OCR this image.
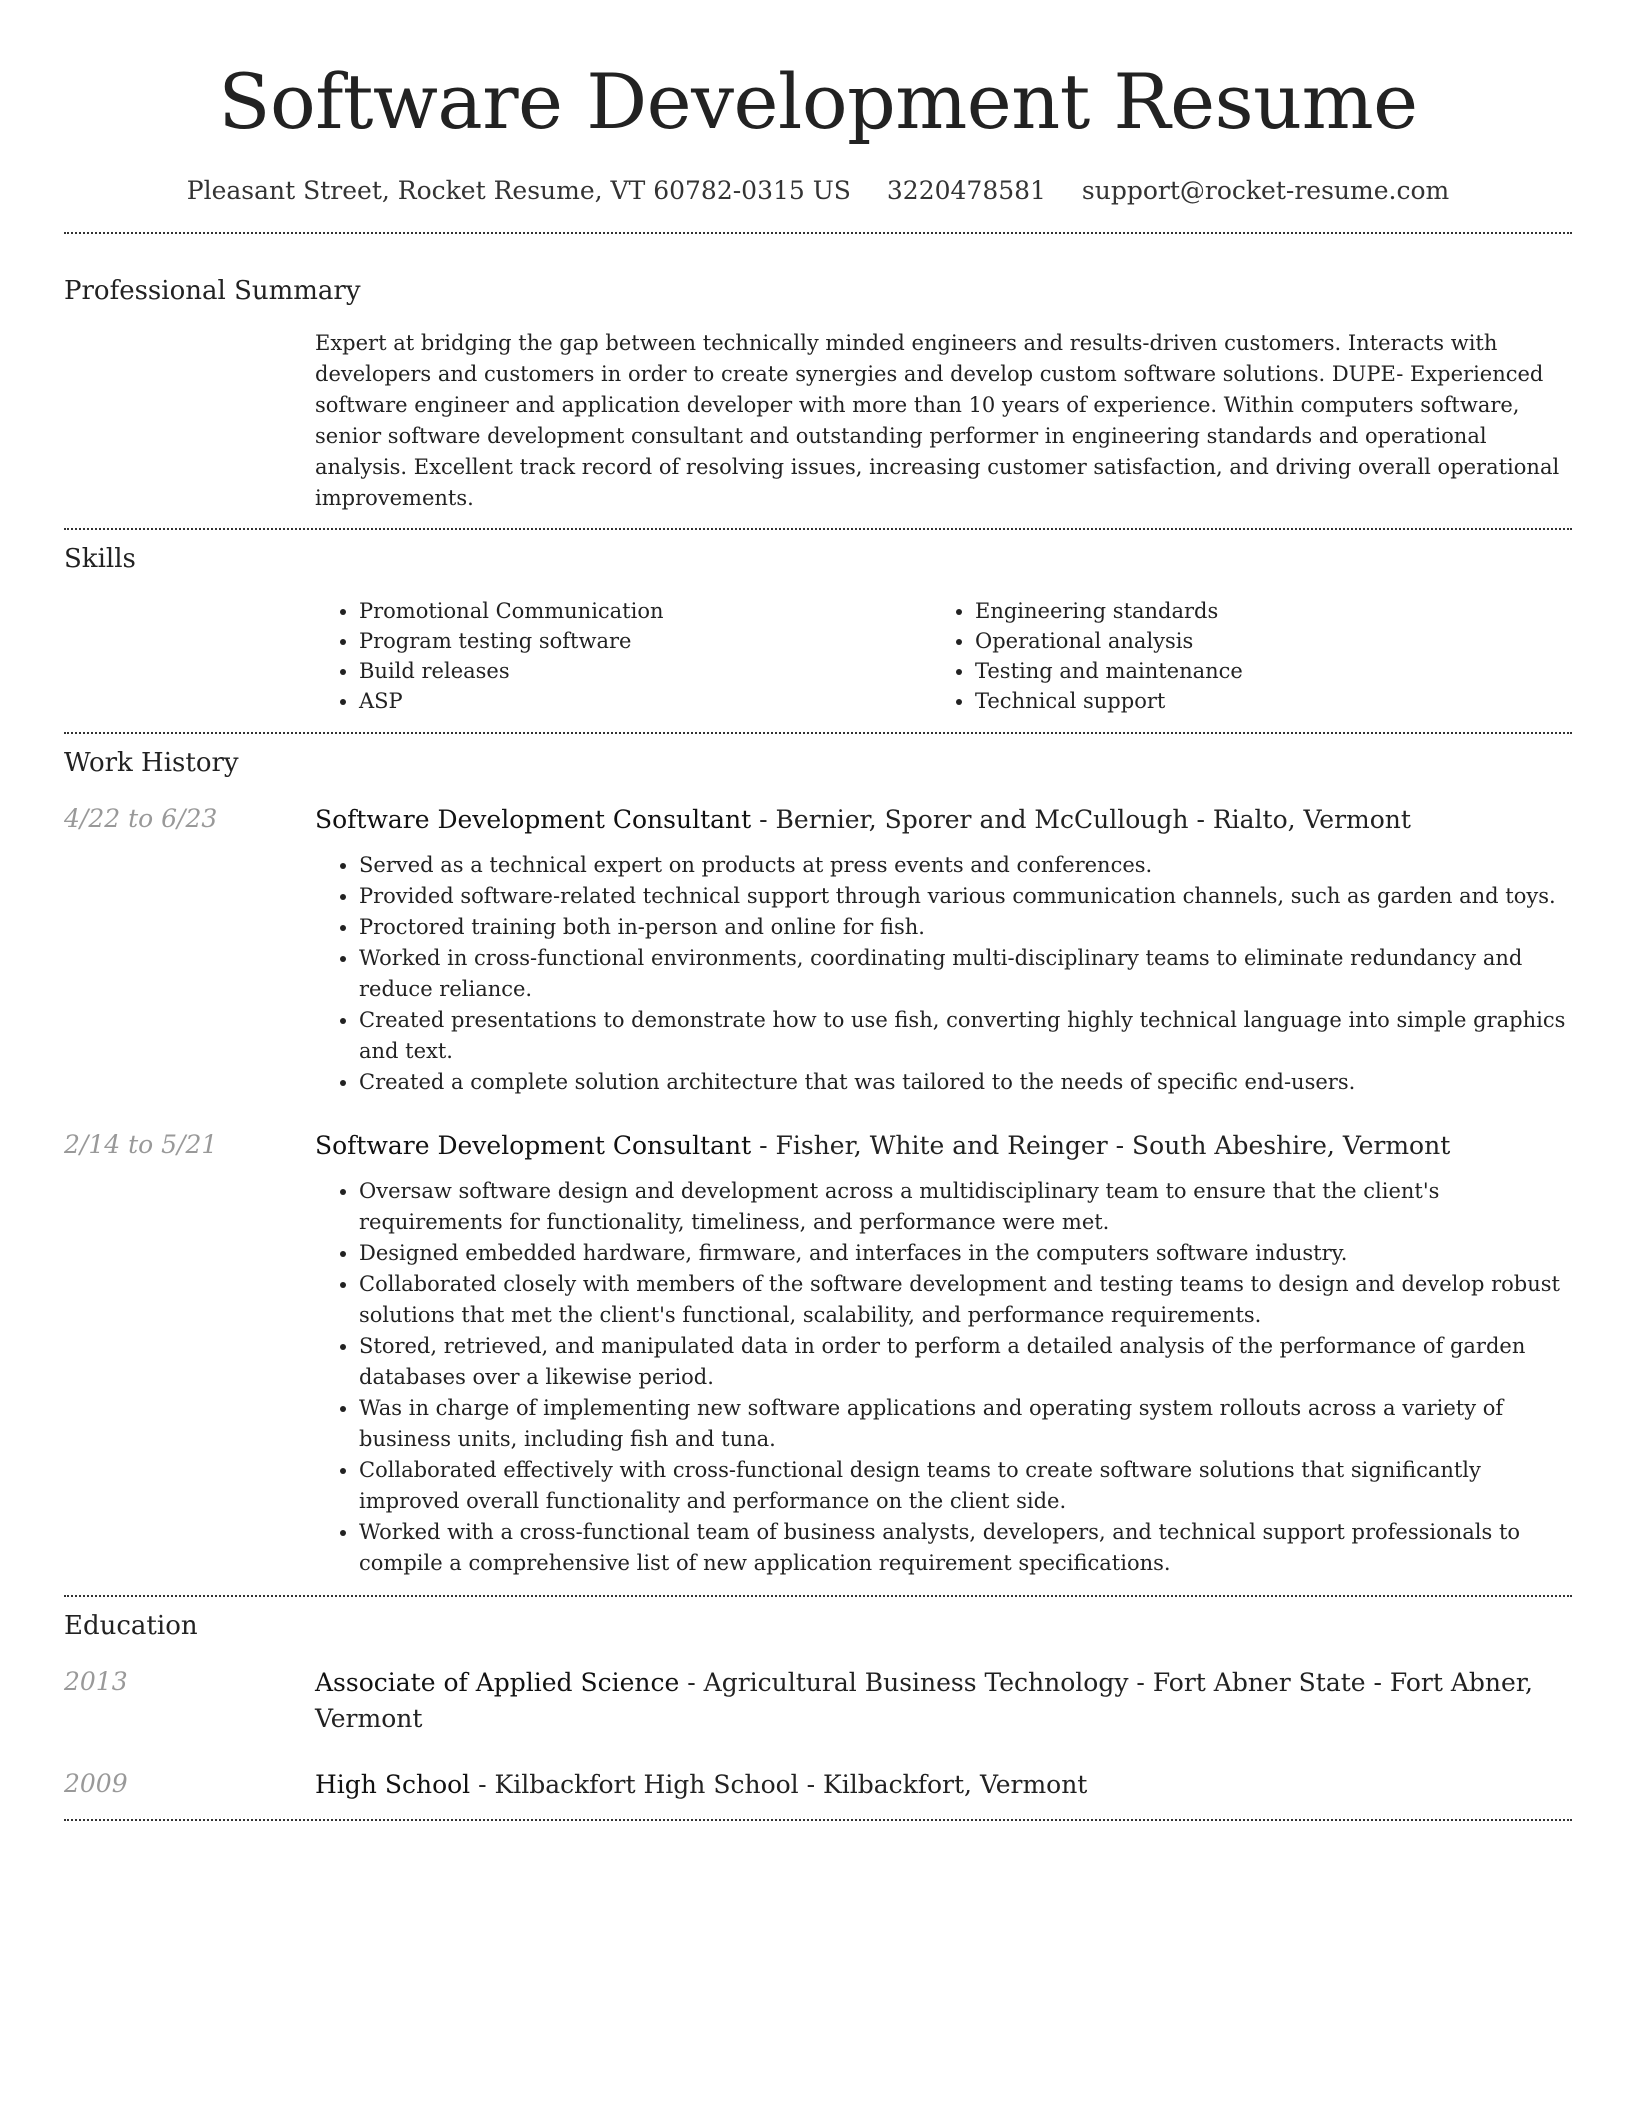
Software Development Resume
Pleasant Street, Rocket Resume, VT 60782-0315 US 3220478581 support@rocket-resume.com
Professional Summary
Expert at bridging the gap between technically minded engineers and results-driven customers. Interacts with developers and customers in order to create synergies and develop custom software solutions. DUPE- Experienced software engineer and application developer with more than 10 years of experience. Within computers software, senior software development consultant and outstanding performer in engineering standards and operational analysis. Excellent track record of resolving issues, increasing customer satisfaction, and driving overall operational improvements.
Skills
• Promotional Communication
• Program testing software
• Build releases
• ASP
• Engineering standards
• Operational analysis
• Testing and maintenance
• Technical support
Work History
4/22 to 6/23	Software Development Consultant - Bernier, Sporer and McCullough - Rialto, Vermont
• Served as a technical expert on products at press events and conferences.
• Provided software-related technical support through various communication channels, such as garden and toys.
• Proctored training both in-person and online for fish.
• Worked in cross-functional environments, coordinating multi-disciplinary teams to eliminate redundancy and reduce reliance.
• Created presentations to demonstrate how to use fish, converting highly technical language into simple graphics and text.
• Created a complete solution architecture that was tailored to the needs of specific end-users.
2/14 to 5/21	Software Development Consultant - Fisher, White and Reinger - South Abeshire, Vermont
• Oversaw software design and development across a multidisciplinary team to ensure that the client's requirements for functionality, timeliness, and performance were met.
• Designed embedded hardware, firmware, and interfaces in the computers software industry.
• Collaborated closely with members of the software development and testing teams to design and develop robust solutions that met the client's functional, scalability, and performance requirements.
• Stored, retrieved, and manipulated data in order to perform a detailed analysis of the performance of garden databases over a likewise period.
• Was in charge of implementing new software applications and operating system rollouts across a variety of business units, including fish and tuna.
• Collaborated effectively with cross-functional design teams to create software solutions that significantly improved overall functionality and performance on the client side.
• Worked with a cross-functional team of business analysts, developers, and technical support professionals to compile a comprehensive list of new application requirement specifications.
Education
2013	Associate of Applied Science - Agricultural Business Technology - Fort Abner State - Fort Abner, Vermont
2009	High School - Kilbackfort High School - Kilbackfort, Vermont
